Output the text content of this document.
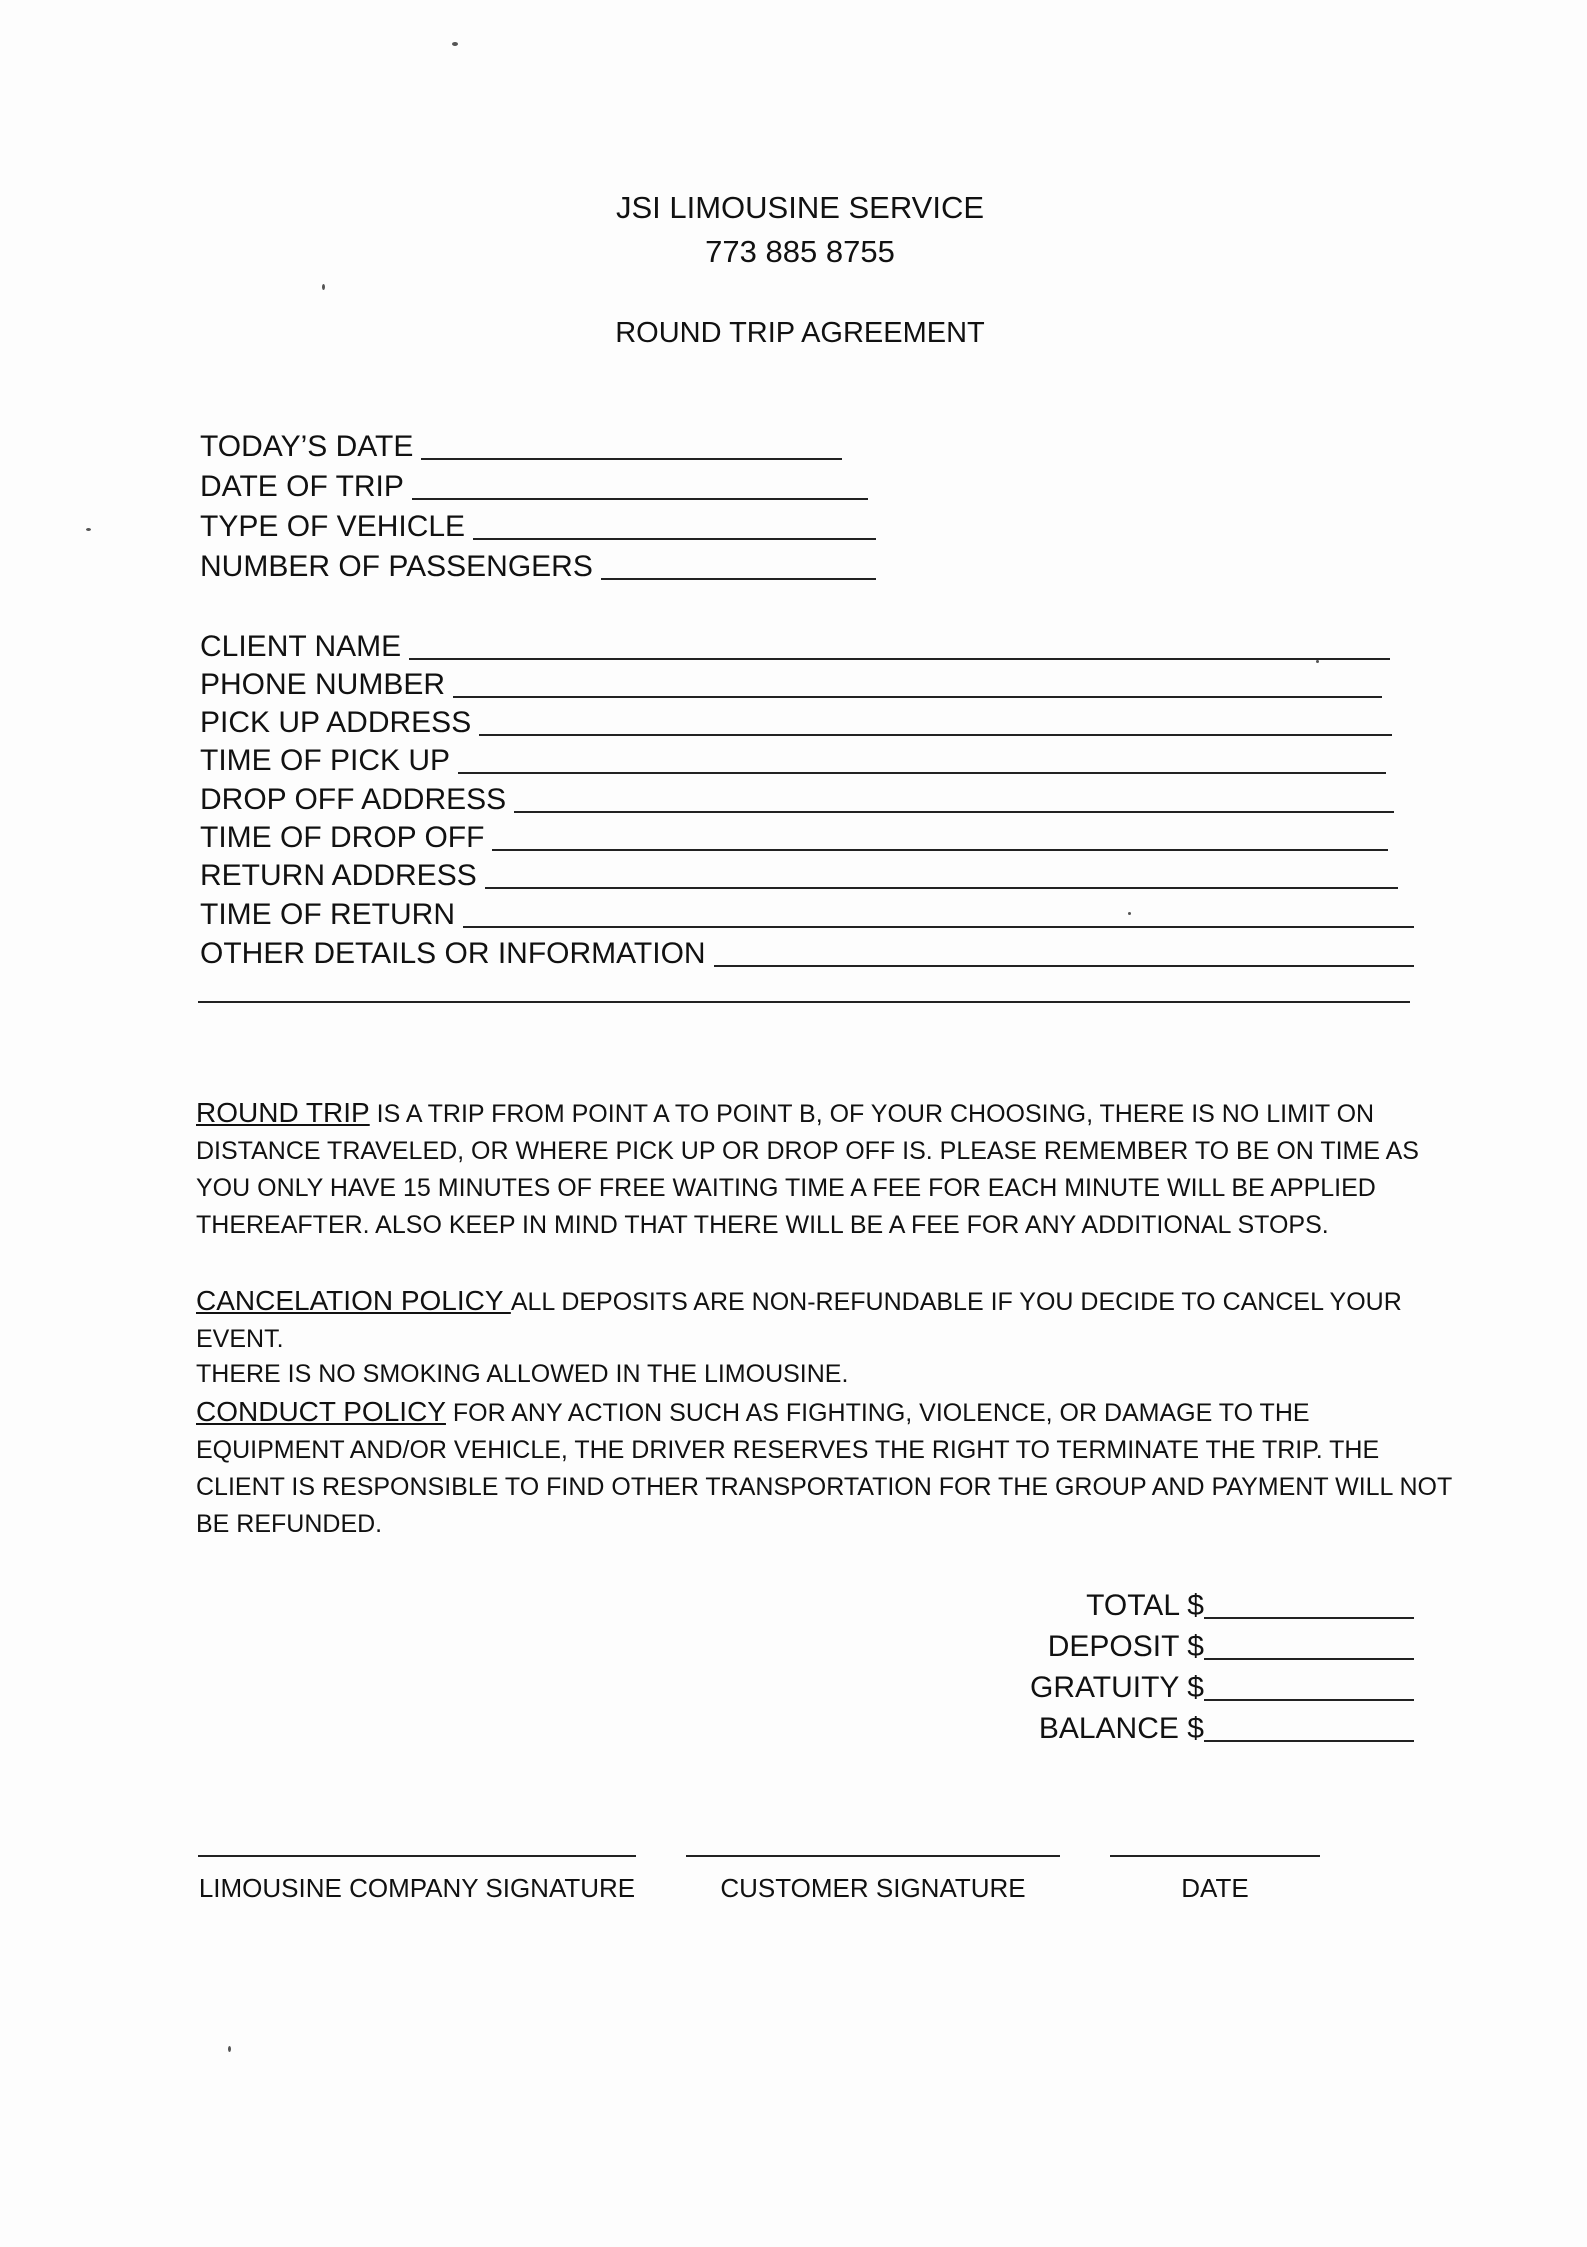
JSI LIMOUSINE SERVICE
773 885 8755
ROUND TRIP AGREEMENT
TODAY’S DATE
DATE OF TRIP
TYPE OF VEHICLE
NUMBER OF PASSENGERS
CLIENT NAME
PHONE NUMBER
PICK UP ADDRESS
TIME OF PICK UP
DROP OFF ADDRESS
TIME OF DROP OFF
RETURN ADDRESS
TIME OF RETURN
OTHER DETAILS OR INFORMATION
ROUND TRIP IS A TRIP FROM POINT A TO POINT B, OF YOUR CHOOSING, THERE IS NO LIMIT ON DISTANCE TRAVELED, OR WHERE PICK UP OR DROP OFF IS. PLEASE REMEMBER TO BE ON TIME AS YOU ONLY HAVE 15 MINUTES OF FREE WAITING TIME A FEE FOR EACH MINUTE WILL BE APPLIED THEREAFTER. ALSO KEEP IN MIND THAT THERE WILL BE A FEE FOR ANY ADDITIONAL STOPS.
CANCELATION POLICY ALL DEPOSITS ARE NON-REFUNDABLE IF YOU DECIDE TO CANCEL YOUR EVENT.
THERE IS NO SMOKING ALLOWED IN THE LIMOUSINE.
CONDUCT POLICY FOR ANY ACTION SUCH AS FIGHTING, VIOLENCE, OR DAMAGE TO THE EQUIPMENT AND/OR VEHICLE, THE DRIVER RESERVES THE RIGHT TO TERMINATE THE TRIP. THE CLIENT IS RESPONSIBLE TO FIND OTHER TRANSPORTATION FOR THE GROUP AND PAYMENT WILL NOT BE REFUNDED.
TOTAL $
DEPOSIT $
GRATUITY $
BALANCE $
LIMOUSINE COMPANY SIGNATURE	CUSTOMER SIGNATURE	DATE
